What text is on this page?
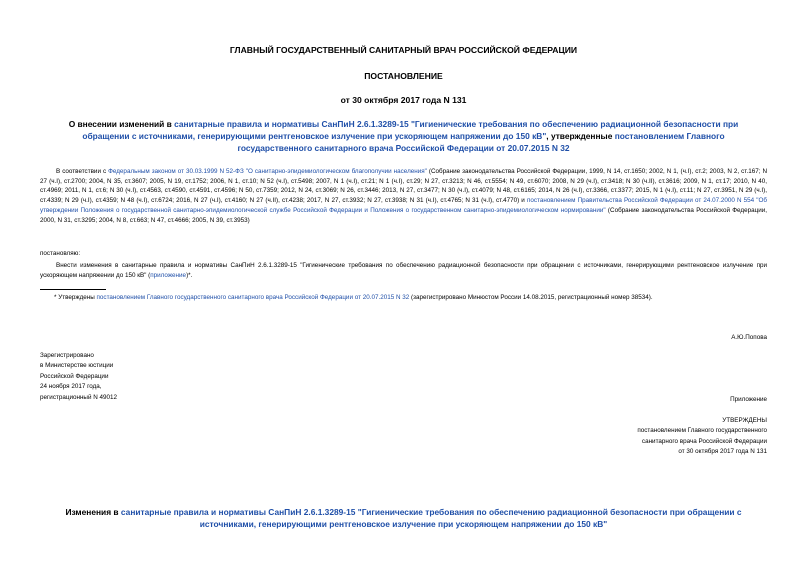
ГЛАВНЫЙ ГОСУДАРСТВЕННЫЙ САНИТАРНЫЙ ВРАЧ РОССИЙСКОЙ ФЕДЕРАЦИИ
ПОСТАНОВЛЕНИЕ
от 30 октября 2017 года N 131
О внесении изменений в санитарные правила и нормативы СанПиН 2.6.1.3289-15 "Гигиенические требования по обеспечению радиационной безопасности при обращении с источниками, генерирующими рентгеновское излучение при ускоряющем напряжении до 150 кВ", утвержденные постановлением Главного государственного санитарного врача Российской Федерации от 20.07.2015 N 32
В соответствии с Федеральным законом от 30.03.1999 N 52-ФЗ "О санитарно-эпидемиологическом благополучии населения" (Собрание законодательства Российской Федерации, 1999, N 14, ст.1650; 2002, N 1, (ч.I), ст.2; 2003, N 2, ст.167; N 27 (ч.I), ст.2700; 2004, N 35, ст.3607; 2005, N 19, ст.1752; 2006, N 1, ст.10; N 52 (ч.I), ст.5498; 2007, N 1 (ч.I), ст.21; N 1 (ч.I), ст.29; N 27, ст.3213; N 46, ст.5554; N 49, ст.6070; 2008, N 29 (ч.I), ст.3418; N 30 (ч.II), ст.3616; 2009, N 1, ст.17; 2010, N 40, ст.4969; 2011, N 1, ст.6; N 30 (ч.I), ст.4563, ст.4590, ст.4591, ст.4596; N 50, ст.7359; 2012, N 24, ст.3069; N 26, ст.3446; 2013, N 27, ст.3477; N 30 (ч.I), ст.4079; N 48, ст.6165; 2014, N 26 (ч.I), ст.3366, ст.3377; 2015, N 1 (ч.I), ст.11; N 27, ст.3951, N 29 (ч.I), ст.4339; N 29 (ч.I), ст.4359; N 48 (ч.I), ст.6724; 2016, N 27 (ч.I), ст.4160; N 27 (ч.II), ст.4238; 2017, N 27, ст.3932; N 27, ст.3938; N 31 (ч.I), ст.4765; N 31 (ч.I), ст.4770) и постановлением Правительства Российской Федерации от 24.07.2000 N 554 "Об утверждении Положения о государственной санитарно-эпидемиологической службе Российской Федерации и Положения о государственном санитарно-эпидемиологическом нормировании" (Собрание законодательства Российской Федерации, 2000, N 31, ст.3295; 2004, N 8, ст.663; N 47, ст.4666; 2005, N 39, ст.3953)
постановляю:
Внести изменения в санитарные правила и нормативы СанПиН 2.6.1.3289-15 "Гигиенические требования по обеспечению радиационной безопасности при обращении с источниками, генерирующими рентгеновское излучение при ускоряющем напряжении до 150 кВ" (приложение)*.
* Утверждены постановлением Главного государственного санитарного врача Российской Федерации от 20.07.2015 N 32 (зарегистрировано Минюстом России 14.08.2015, регистрационный номер 38534).
А.Ю.Попова
Зарегистрировано
в Министерстве юстиции
Российской Федерации
24 ноября 2017 года,
регистрационный N 49012	Приложение
УТВЕРЖДЕНЫ
постановлением Главного государственного
санитарного врача Российской Федерации
от 30 октября 2017 года N 131
Изменения в санитарные правила и нормативы СанПиН 2.6.1.3289-15 "Гигиенические требования по обеспечению радиационной безопасности при обращении с источниками, генерирующими рентгеновское излучение при ускоряющем напряжении до 150 кВ"
